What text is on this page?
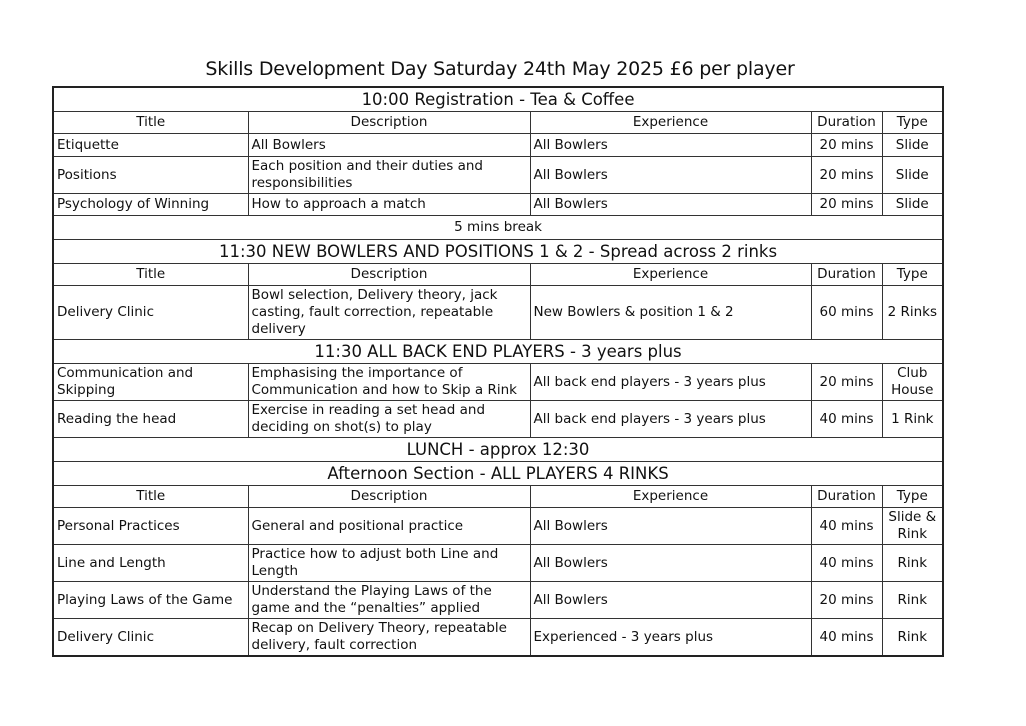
Skills Development Day Saturday 24th May 2025 £6 per player
10:00 Registration - Tea & Coffee				
Title	Description	Experience	Duration	Type
Etiquette	All Bowlers	All Bowlers	20 mins	Slide
Positions	Each position and their duties and responsibilities	All Bowlers	20 mins	Slide
Psychology of Winning	How to approach a match	All Bowlers	20 mins	Slide
5 mins break				
11:30 NEW BOWLERS AND POSITIONS 1 & 2 - Spread across 2 rinks				
Title	Description	Experience	Duration	Type
Delivery Clinic	Bowl selection, Delivery theory, jack casting, fault correction, repeatable delivery	New Bowlers & position 1 & 2	60 mins	2 Rinks
11:30 ALL BACK END PLAYERS - 3 years plus				
Communication and Skipping	Emphasising the importance of Communication and how to Skip a Rink	All back end players - 3 years plus	20 mins	Club House
Reading the head	Exercise in reading a set head and deciding on shot(s) to play	All back end players - 3 years plus	40 mins	1 Rink
LUNCH - approx 12:30				
Afternoon Section - ALL PLAYERS 4 RINKS				
Title	Description	Experience	Duration	Type
Personal Practices	General and positional practice	All Bowlers	40 mins	Slide & Rink
Line and Length	Practice how to adjust both Line and Length	All Bowlers	40 mins	Rink
Playing Laws of the Game	Understand the Playing Laws of the game and the “penalties” applied	All Bowlers	20 mins	Rink
Delivery Clinic	Recap on Delivery Theory, repeatable delivery, fault correction	Experienced - 3 years plus	40 mins	Rink
